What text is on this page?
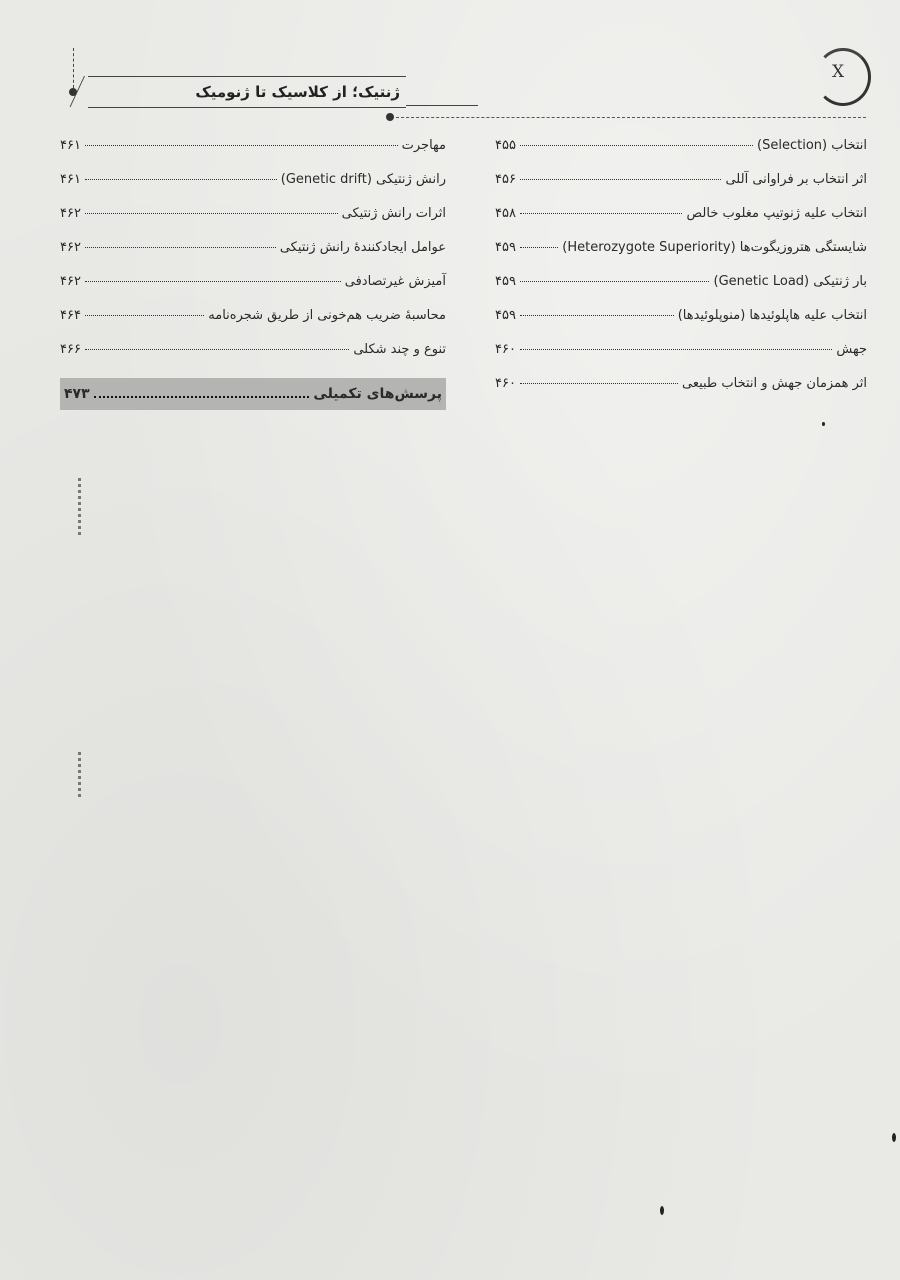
ژنتیک؛ از کلاسیک تا ژنومیک
X
انتخاب (Selection)
۴۵۵
اثر انتخاب بر فراوانی آللی
۴۵۶
انتخاب علیه ژنوتیپ مغلوب خالص
۴۵۸
شایستگی هتروزیگوت‌ها (Heterozygote Superiority)
۴۵۹
بار ژنتیکی (Genetic Load)
۴۵۹
انتخاب علیه هاپلوئیدها (منوپلوئیدها)
۴۵۹
جهش
۴۶۰
اثر همزمان جهش و انتخاب طبیعی
۴۶۰
مهاجرت
۴۶۱
رانش ژنتیکی (Genetic drift)
۴۶۱
اثرات رانش ژنتیکی
۴۶۲
عوامل ایجادکنندهٔ رانش ژنتیکی
۴۶۲
آمیزش غیرتصادفی
۴۶۲
محاسبهٔ ضریب هم‌خونی از طریق شجره‌نامه
۴۶۴
تنوع و چند شکلی
۴۶۶
پرسش‌های تکمیلی
۴۷۳
